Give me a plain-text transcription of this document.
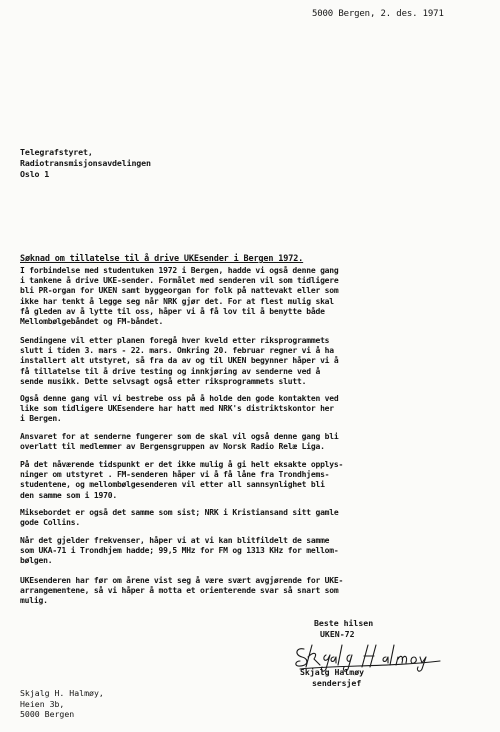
5000 Bergen, 2. des. 1971
Telegrafstyret,
Radiotransmisjonsavdelingen
Oslo 1
Søknad om tillatelse til å drive UKEsender i Bergen 1972.
I forbindelse med studentuken 1972 i Bergen, hadde vi også denne gang
i tankene å drive UKE-sender. Formålet med senderen vil som tidligere
bli PR-organ for UKEN samt byggeorgan for folk på nattevakt eller som
ikke har tenkt å legge seg når NRK gjør det. For at flest mulig skal
få gleden av å lytte til oss, håper vi å få lov til å benytte både
Mellombølgebåndet og FM-båndet.
Sendingene vil etter planen foregå hver kveld etter riksprogrammets
slutt i tiden 3. mars - 22. mars. Omkring 20. februar regner vi å ha
installert alt utstyret, så fra da av og til UKEN begynner håper vi å
få tillatelse til å drive testing og innkjøring av senderne ved å
sende musikk. Dette selvsagt også etter riksprogrammets slutt.
Også denne gang vil vi bestrebe oss på å holde den gode kontakten ved
like som tidligere UKEsendere har hatt med NRK's distriktskontor her
i Bergen.
Ansvaret for at senderne fungerer som de skal vil også denne gang bli
overlatt til medlemmer av Bergensgruppen av Norsk Radio Relæ Liga.
På det nåværende tidspunkt er det ikke mulig å gi helt eksakte opplys-
ninger om utstyret . FM-senderen håper vi å få låne fra Trondhjems-
studentene, og mellombølgesenderen vil etter all sannsynlighet bli
den samme som i 1970.
Miksebordet er også det samme som sist; NRK i Kristiansand sitt gamle
gode Collins.
Når det gjelder frekvenser, håper vi at vi kan blitfildelt de samme
som UKA-71 i Trondhjem hadde; 99,5 MHz for FM og 1313 KHz for mellom-
bølgen.
UKEsenderen har før om årene vist seg å være svært avgjørende for UKE-
arrangementene, så vi håper å motta et orienterende svar så snart som
mulig.
Beste hilsen
UKEN-72
Skjalg Halmøy
sendersjef
Skjalg H. Halmøy,
Heien 3b,
5000 Bergen
